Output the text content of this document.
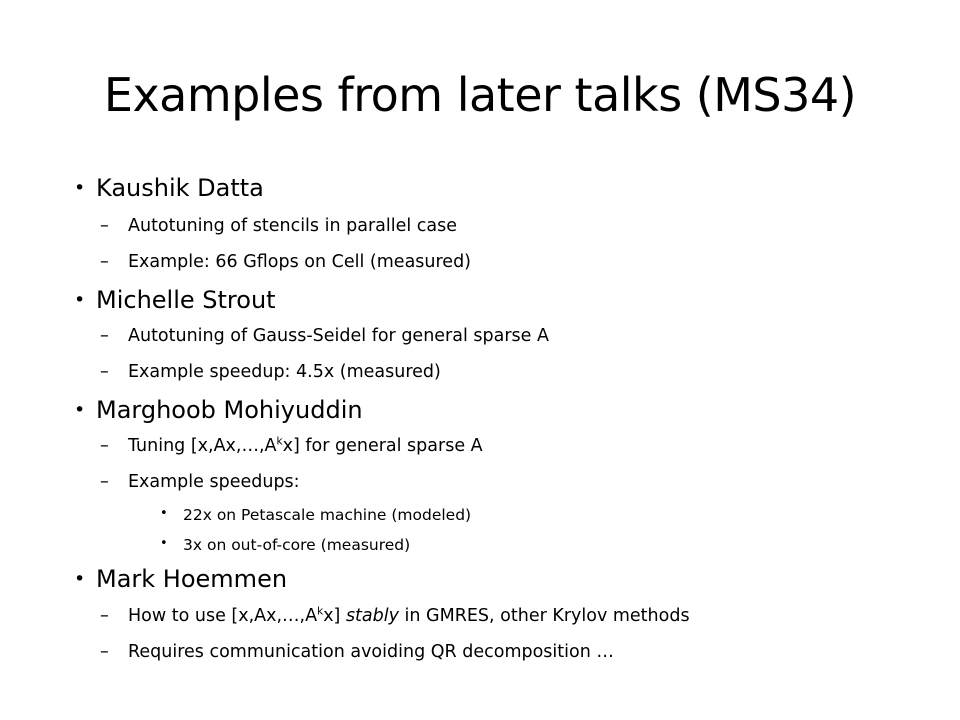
Examples from later talks (MS34)
• Kaushik Datta
– Autotuning of stencils in parallel case
– Example: 66 Gflops on Cell (measured)
• Michelle Strout
– Autotuning of Gauss-Seidel for general sparse A
– Example speedup: 4.5x (measured)
• Marghoob Mohiyuddin
– Tuning $[x,Ax,\dots,A^kx]$ for general sparse A
– Example speedups:
• 22x on Petascale machine (modeled)
• 3x on out-of-core (measured)
• Mark Hoemmen
– How to use $[x,Ax,\dots,A^kx]$ stably in GMRES, other Krylov methods
– Requires communication avoiding QR decomposition …
